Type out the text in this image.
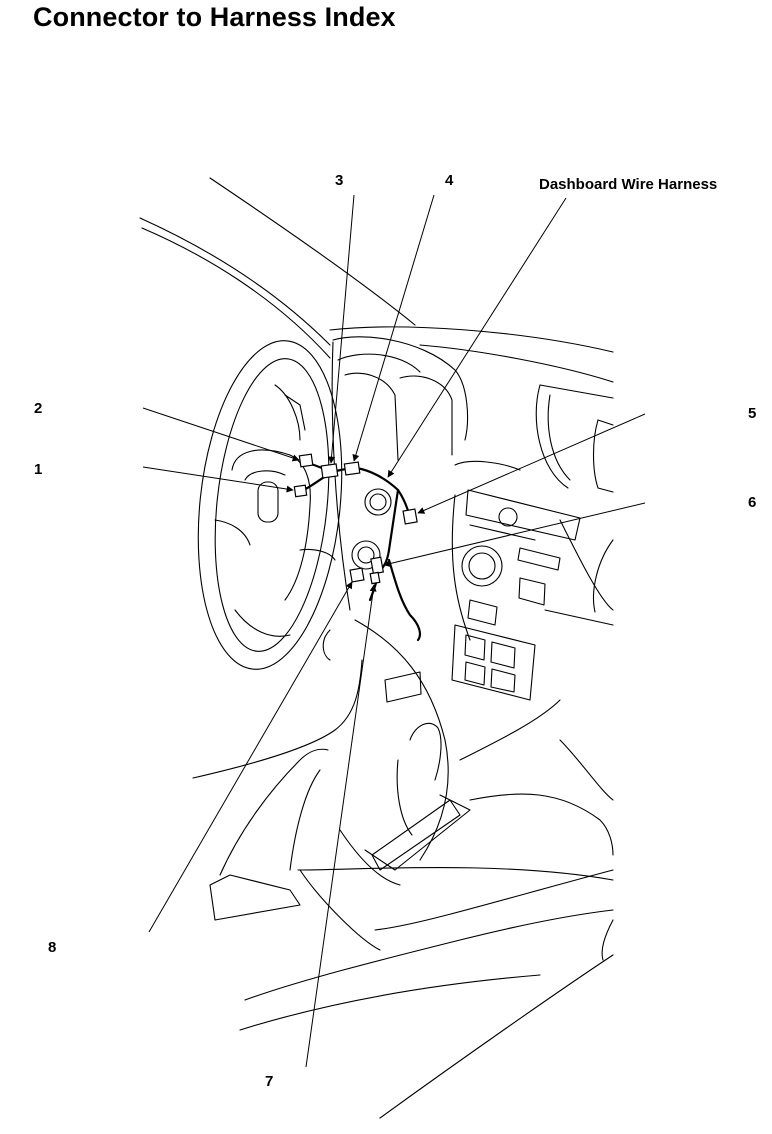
Connector to Harness Index
1
2
3	4	Dashboard Wire Harness
5
6
7
8
